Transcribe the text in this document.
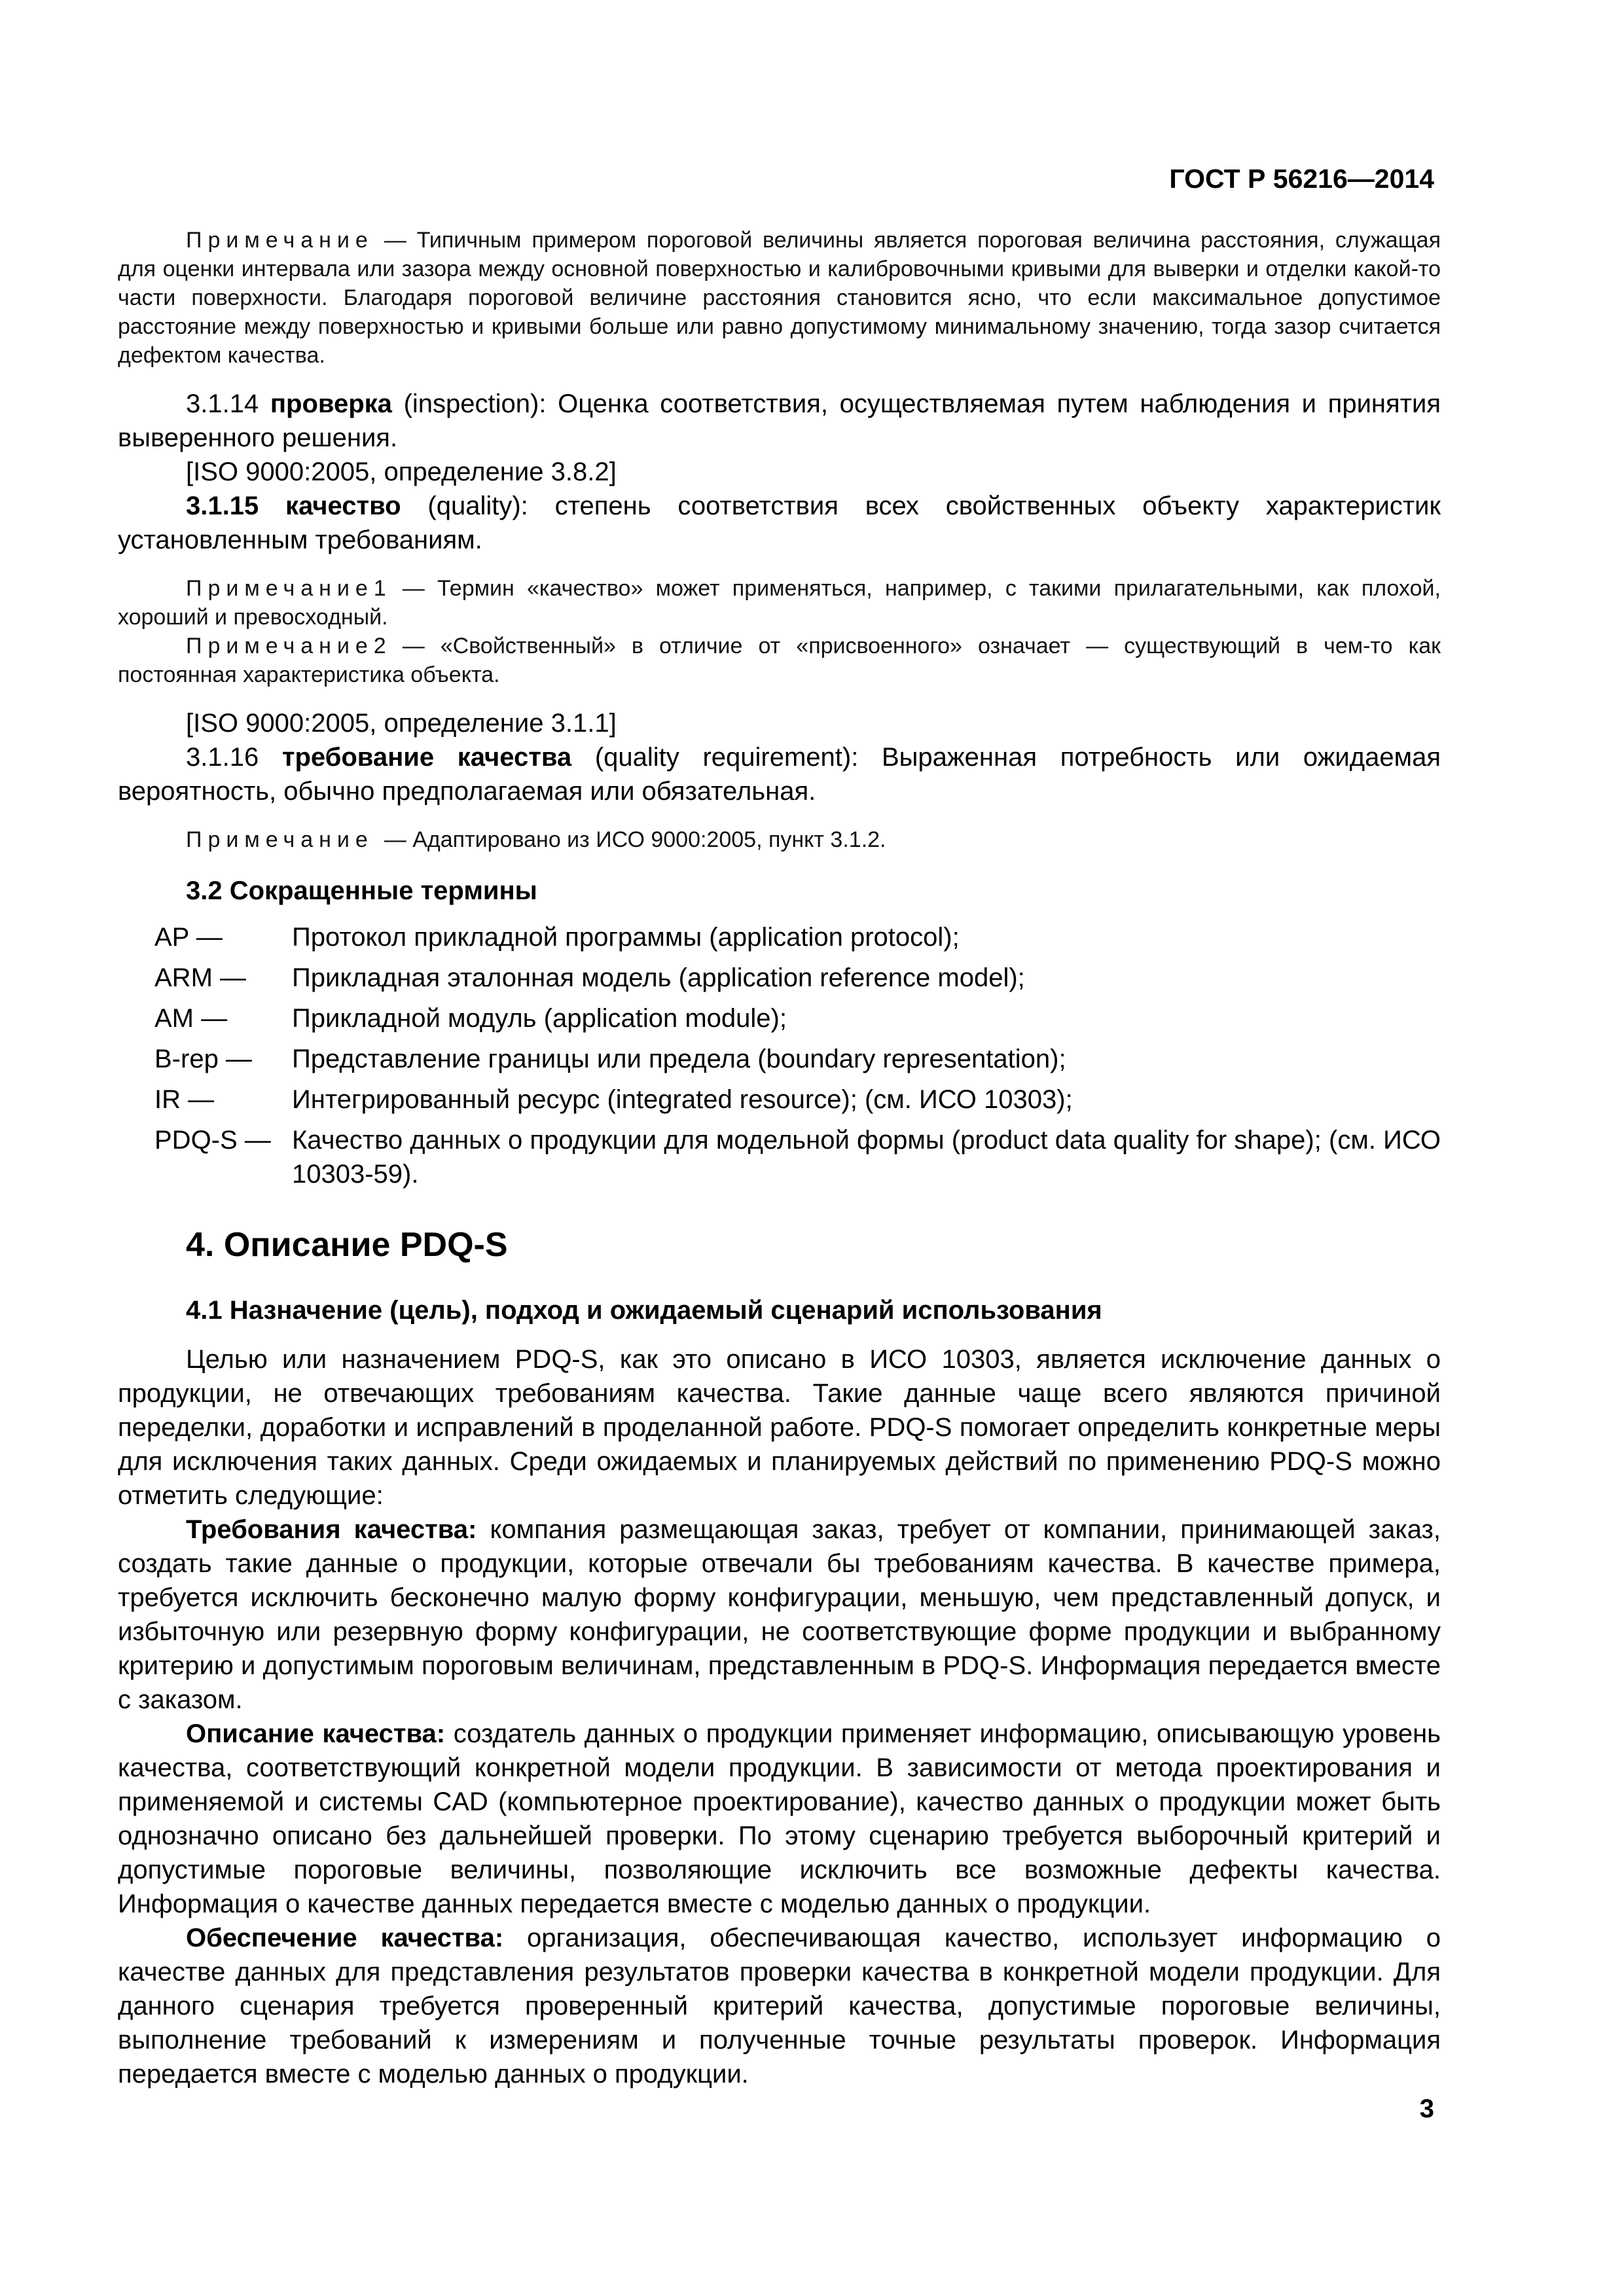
ГОСТ Р 56216—2014

Примечание — Типичным примером пороговой величины является пороговая величина расстояния, служащая для оценки интервала или зазора между основной поверхностью и калибровочными кривыми для выверки и отделки какой-то части поверхности. Благодаря пороговой величине расстояния становится ясно, что если максимальное допустимое расстояние между поверхностью и кривыми больше или равно допустимому минимальному значению, тогда зазор считается дефектом качества.

3.1.14 проверка (inspection): Оценка соответствия, осуществляемая путем наблюдения и принятия выверенного решения.

[ISO 9000:2005, определение 3.8.2]

3.1.15 качество (quality): степень соответствия всех свойственных объекту характеристик установленным требованиям.

Примечание1 — Термин «качество» может применяться, например, с такими прилагательными, как плохой, хороший и превосходный.

Примечание2 — «Свойственный» в отличие от «присвоенного» означает — существующий в чем-то как постоянная характеристика объекта.

[ISO 9000:2005, определение 3.1.1]

3.1.16 требование качества (quality requirement): Выраженная потребность или ожидаемая вероятность, обычно предполагаемая или обязательная.

Примечание — Адаптировано из ИСО 9000:2005, пункт 3.1.2.

3.2 Сокращенные термины
AP —	Протокол прикладной программы (application protocol);
ARM —	Прикладная эталонная модель (application reference model);
AM —	Прикладной модуль (application module);
B-rep —	Представление границы или предела (boundary representation);
IR —	Интегрированный ресурс (integrated resource); (см. ИСО 10303);
PDQ-S — Качество данных о продукции для модельной формы (product data quality for shape); (см. ИСО 10303-59).
4. Описание PDQ-S
4.1 Назначение (цель), подход и ожидаемый сценарий использования

Целью или назначением PDQ-S, как это описано в ИСО 10303, является исключение данных о продукции, не отвечающих требованиям качества. Такие данные чаще всего являются причиной переделки, доработки и исправлений в проделанной работе. PDQ-S помогает определить конкретные меры для исключения таких данных. Среди ожидаемых и планируемых действий по применению PDQ-S можно отметить следующие:

Требования качества: компания размещающая заказ, требует от компании, принимающей заказ, создать такие данные о продукции, которые отвечали бы требованиям качества. В качестве примера, требуется исключить бесконечно малую форму конфигурации, меньшую, чем представленный допуск, и избыточную или резервную форму конфигурации, не соответствующие форме продукции и выбранному критерию и допустимым пороговым величинам, представленным в PDQ-S. Информация передается вместе с заказом.

Описание качества: создатель данных о продукции применяет информацию, описывающую уровень качества, соответствующий конкретной модели продукции. В зависимости от метода проектирования и применяемой и системы CAD (компьютерное проектирование), качество данных о продукции может быть однозначно описано без дальнейшей проверки. По этому сценарию требуется выборочный критерий и допустимые пороговые величины, позволяющие исключить все возможные дефекты качества. Информация о качестве данных передается вместе с моделью данных о продукции.

Обеспечение качества: организация, обеспечивающая качество, использует информацию о качестве данных для представления результатов проверки качества в конкретной модели продукции. Для данного сценария требуется проверенный критерий качества, допустимые пороговые величины, выполнение требований к измерениям и полученные точные результаты проверок. Информация передается вместе с моделью данных о продукции.

3
